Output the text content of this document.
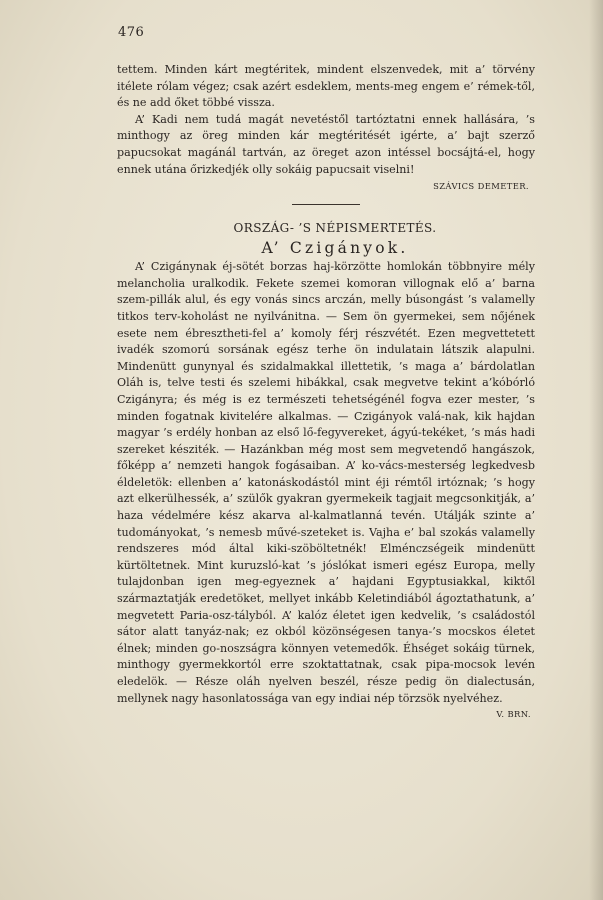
476

tettem. Minden kárt megtéritek, mindent elszenvedek, mit a’ törvény itélete rólam végez; csak azért esdeklem, ments-meg engem e’ rémek-től, és ne add őket többé vissza.

A’ Kadi nem tudá magát nevetéstől tartóztatni ennek hallására, ’s minthogy az öreg minden kár megtéritését igérte, a’ bajt szerző papucsokat magánál tartván, az öreget azon intéssel bocsájtá-el, hogy ennek utána őrizkedjék olly sokáig papucsait viselni!

SZÁVICS DEMETER.

ORSZÁG- ’S NÉPISMERTETÉS.

A’ Czigányok.

A’ Czigánynak éj-sötét borzas haj-körzötte homlokán többnyire mély melancholia uralkodik. Fekete szemei komoran villognak elő a’ barna szem-pillák alul, és egy vonás sincs arczán, melly búsongást ’s valamelly titkos terv-koholást ne nyilvánitna. — Sem ön gyermekei, sem nőjének esete nem ébresztheti-fel a’ komoly férj részvétét. Ezen megvettetett ivadék szomorú sorsának egész terhe ön indulatain látszik alapulni. Mindenütt gunynyal és szidalmakkal illettetik, ’s maga a’ bárdolatlan Oláh is, telve testi és szelemi hibákkal, csak megvetve tekint a’kóbórló Czigányra; és még is ez természeti tehetségénél fogva ezer mester, ’s minden fogatnak kivitelére alkalmas. — Czigányok valá-nak, kik hajdan magyar ’s erdély honban az első lő-fegyvereket, ágyú-tekéket, ’s más hadi szereket késziték. — Hazánkban még most sem megvetendő hangászok, főképp a’ nemzeti hangok fogásaiban. A’ ko-vács-mesterség legkedvesb éldeletök: ellenben a’ katonáskodástól mint éji rémtől irtóznak; ’s hogy azt elkerülhessék, a’ szülők gyakran gyermekeik tagjait megcsonkitják, a’ haza védelmére kész akarva al-kalmatlanná tevén. Utálják szinte a’ tudományokat, ’s nemesb művé-szeteket is. Vajha e’ bal szokás valamelly rendszeres mód által kiki-szöböltetnék! Elménczségeik mindenütt kürtöltetnek. Mint kuruzsló-kat ’s jóslókat ismeri egész Europa, melly tulajdonban igen meg-egyeznek a’ hajdani Egyptusiakkal, kiktől származtatják eredetöket, mellyet inkább Keletindiából ágoztathatunk, a’ megvetett Paria-osz-tályból. A’ kalóz életet igen kedvelik, ’s családostól sátor alatt tanyáz-nak; ez okból közönségesen tanya-’s mocskos életet élnek; minden go-noszságra könnyen vetemedők. Éhséget sokáig türnek, minthogy gyermekkortól erre szoktattatnak, csak pipa-mocsok levén eledelök. — Része oláh nyelven beszél, része pedig ön dialectusán, mellynek nagy hasonlatossága van egy indiai nép törzsök nyelvéhez.

V. BRN.
